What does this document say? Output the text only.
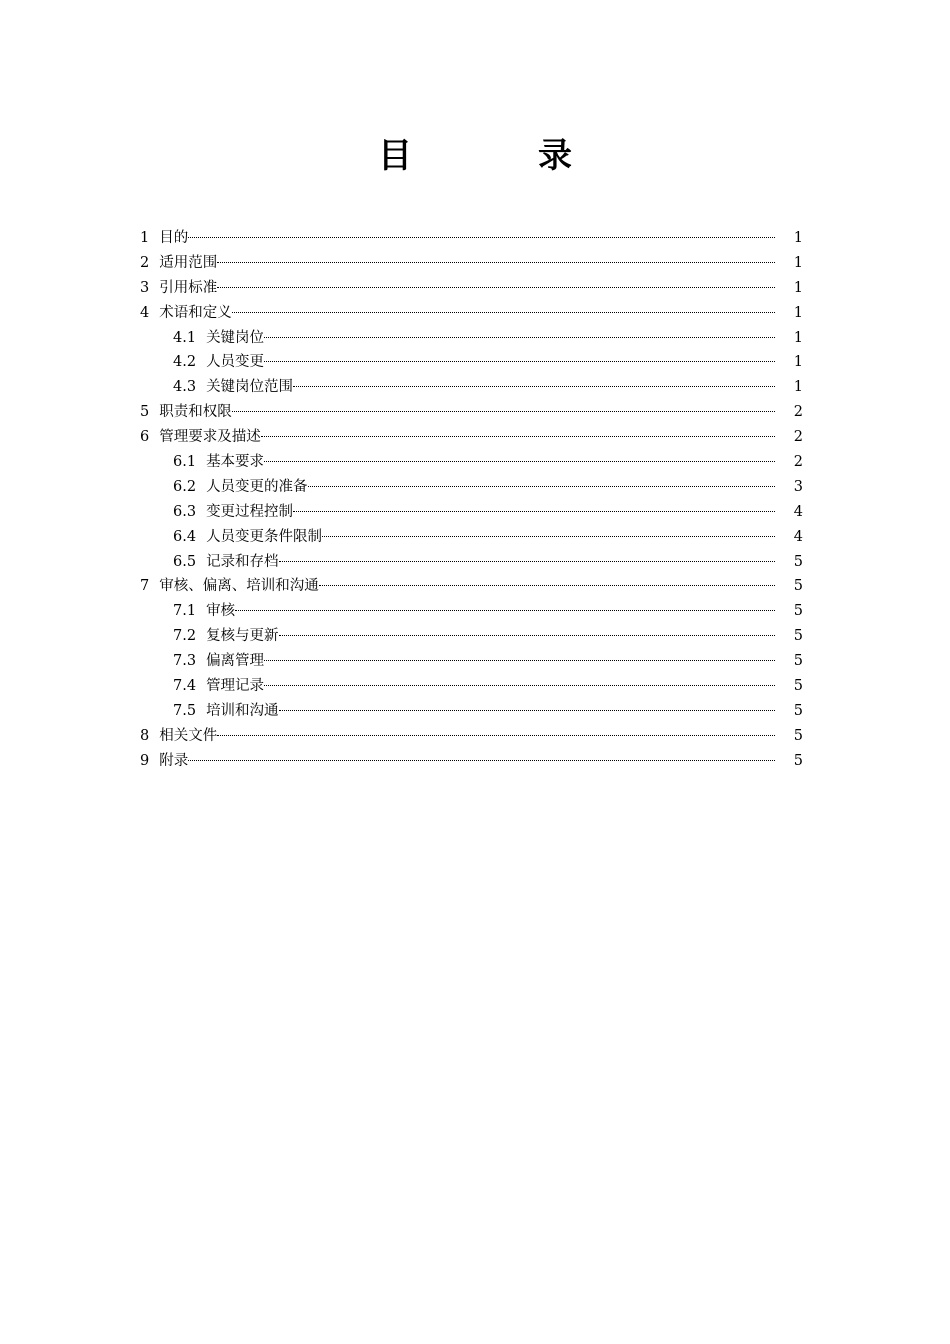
目	录
1 目的	1
2 适用范围	1
3 引用标准	1
4 术语和定义	1
4.1 关键岗位	1
4.2 人员变更	1
4.3 关键岗位范围	1
5 职责和权限	2
6 管理要求及描述	2
6.1 基本要求	2
6.2 人员变更的准备	3
6.3 变更过程控制	4
6.4 人员变更条件限制	4
6.5 记录和存档	5
7 审核、偏离、培训和沟通	5
7.1 审核	5
7.2 复核与更新	5
7.3 偏离管理	5
7.4 管理记录	5
7.5 培训和沟通	5
8 相关文件	5
9 附录	5
